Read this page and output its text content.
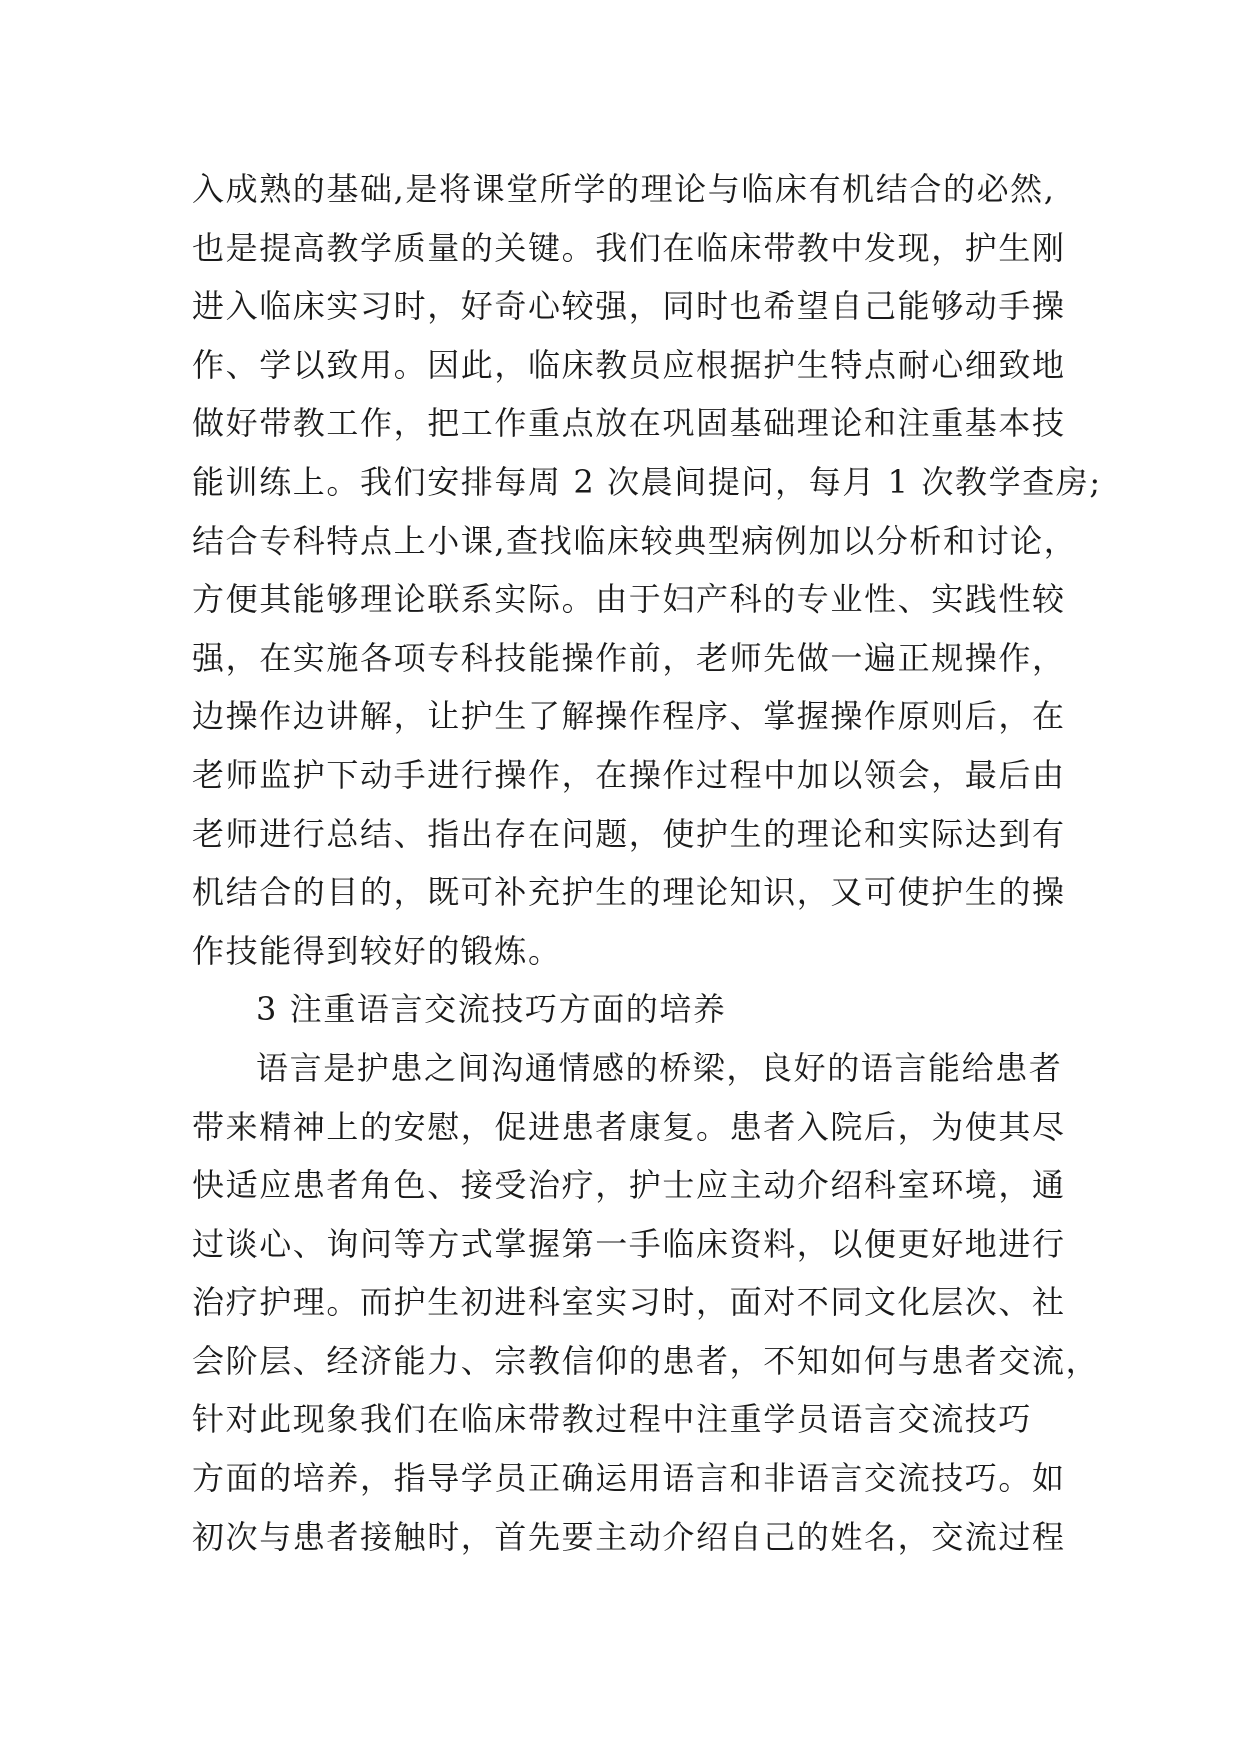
入成熟的基础,是将课堂所学的理论与临床有机结合的必然,
也是提高教学质量的关键。我们在临床带教中发现，护生刚
进入临床实习时，好奇心较强，同时也希望自己能够动手操
作、学以致用。因此，临床教员应根据护生特点耐心细致地
做好带教工作，把工作重点放在巩固基础理论和注重基本技
能训练上。我们安排每周 2 次晨间提问，每月 1 次教学查房;
结合专科特点上小课,查找临床较典型病例加以分析和讨论，
方便其能够理论联系实际。由于妇产科的专业性、实践性较
强，在实施各项专科技能操作前，老师先做一遍正规操作，
边操作边讲解，让护生了解操作程序、掌握操作原则后，在
老师监护下动手进行操作，在操作过程中加以领会，最后由
老师进行总结、指出存在问题，使护生的理论和实际达到有
机结合的目的，既可补充护生的理论知识，又可使护生的操
作技能得到较好的锻炼。
3 注重语言交流技巧方面的培养
语言是护患之间沟通情感的桥梁，良好的语言能给患者
带来精神上的安慰，促进患者康复。患者入院后，为使其尽
快适应患者角色、接受治疗，护士应主动介绍科室环境，通
过谈心、询问等方式掌握第一手临床资料，以便更好地进行
治疗护理。而护生初进科室实习时，面对不同文化层次、社
会阶层、经济能力、宗教信仰的患者，不知如何与患者交流，
针对此现象我们在临床带教过程中注重学员语言交流技巧
方面的培养，指导学员正确运用语言和非语言交流技巧。如
初次与患者接触时，首先要主动介绍自己的姓名，交流过程
